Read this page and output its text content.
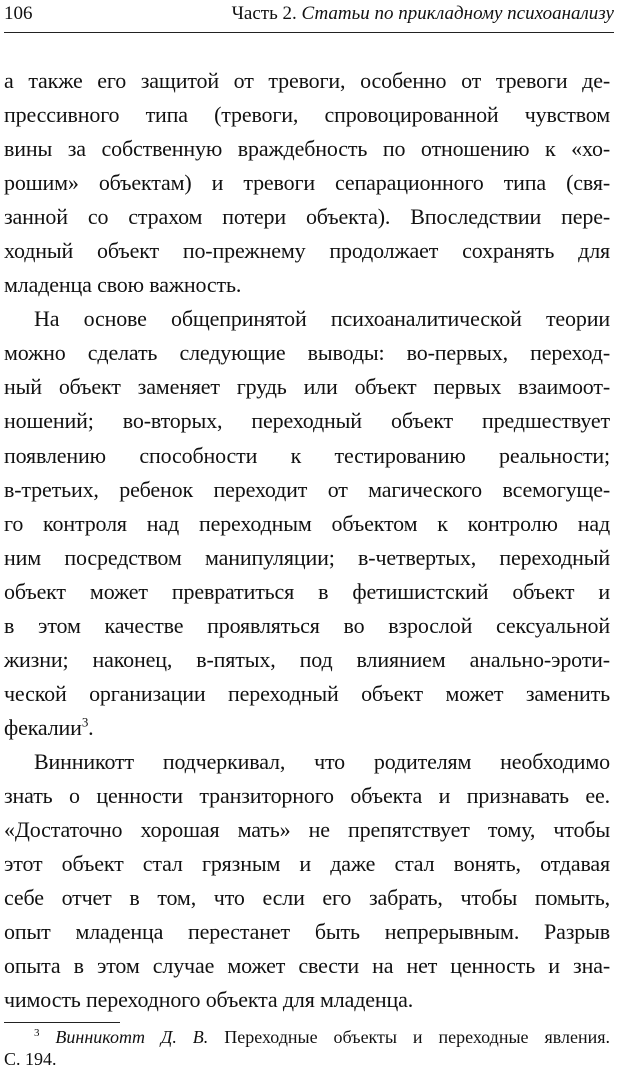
106	Часть 2. Статьи по прикладному психоанализу
а также его защитой от тревоги, особенно от тревоги де-
прессивного типа (тревоги, спровоцированной чувством
вины за собственную враждебность по отношению к «хо-
рошим» объектам) и тревоги сепарационного типа (свя-
занной со страхом потери объекта). Впоследствии пере-
ходный объект по-прежнему продолжает сохранять для
младенца свою важность.
На основе общепринятой психоаналитической теории
можно сделать следующие выводы: во-первых, переход-
ный объект заменяет грудь или объект первых взаимоот-
ношений; во-вторых, переходный объект предшествует
появлению способности к тестированию реальности;
в-третьих, ребенок переходит от магического всемогуще-
го контроля над переходным объектом к контролю над
ним посредством манипуляции; в-четвертых, переходный
объект может превратиться в фетишистский объект и
в этом качестве проявляться во взрослой сексуальной
жизни; наконец, в-пятых, под влиянием анально-эроти-
ческой организации переходный объект может заменить
фекалии$^3$.
Винникотт подчеркивал, что родителям необходимо
знать о ценности транзиторного объекта и признавать ее.
«Достаточно хорошая мать» не препятствует тому, чтобы
этот объект стал грязным и даже стал вонять, отдавая
себе отчет в том, что если его забрать, чтобы помыть,
опыт младенца перестанет быть непрерывным. Разрыв
опыта в этом случае может свести на нет ценность и зна-
чимость переходного объекта для младенца.
$^3$ Винникотт Д. В. Переходные объекты и переходные явления.
С. 194.
